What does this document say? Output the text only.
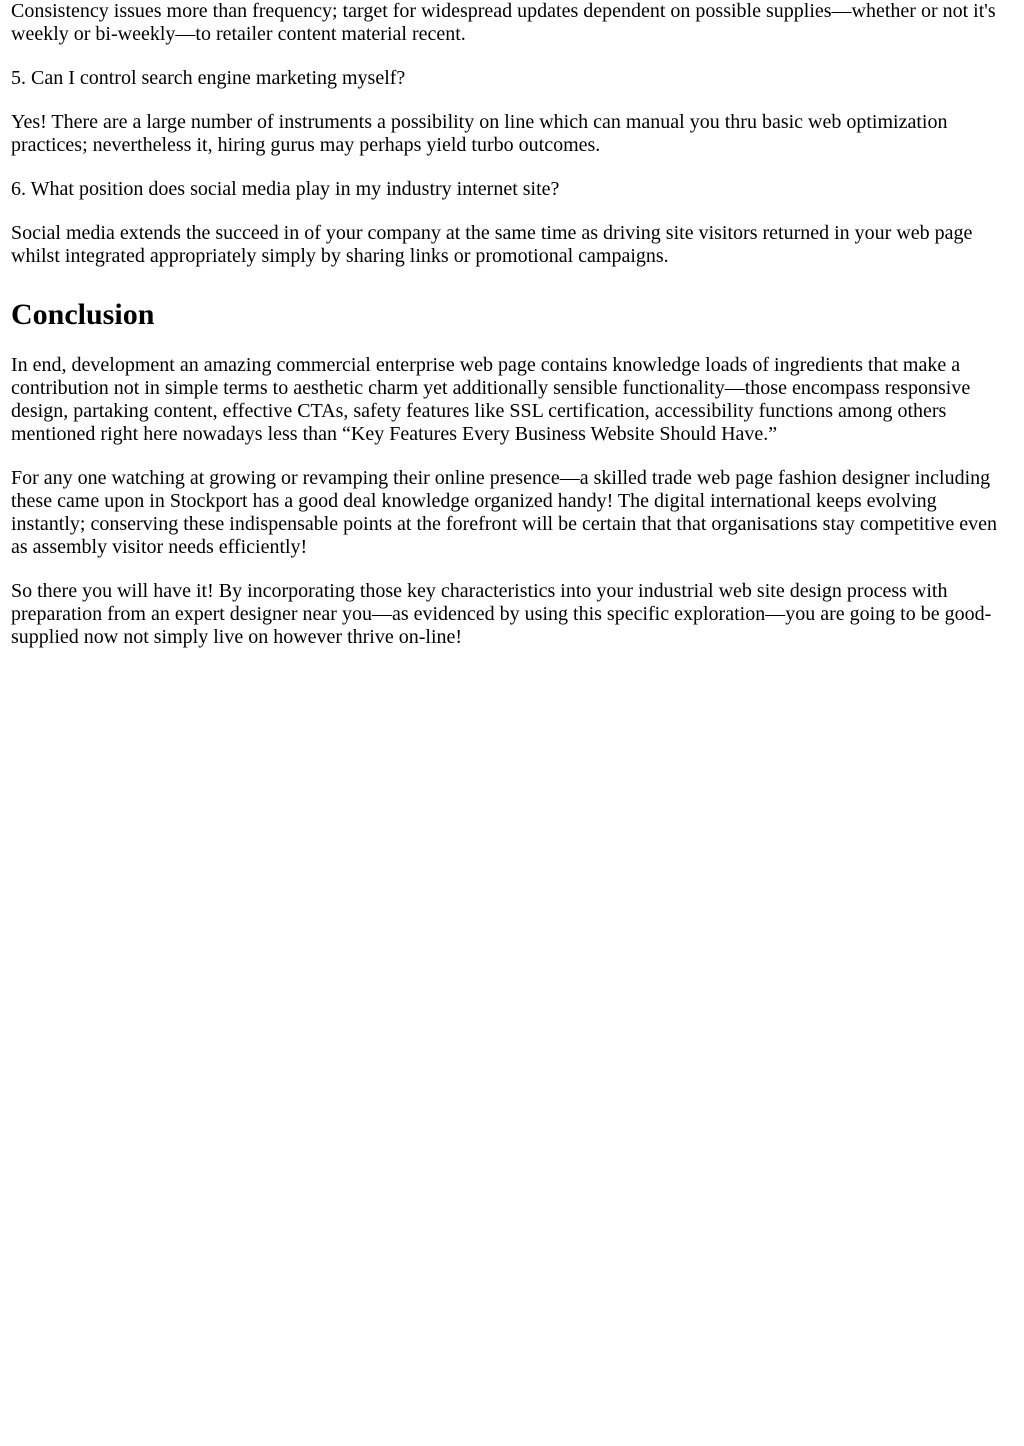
Consistency issues more than frequency; target for widespread updates dependent on possible supplies—whether or not it's weekly or bi-weekly—to retailer content material recent.

5. Can I control search engine marketing myself?

Yes! There are a large number of instruments a possibility on line which can manual you thru basic web optimization practices; nevertheless it, hiring gurus may perhaps yield turbo outcomes.

6. What position does social media play in my industry internet site?

Social media extends the succeed in of your company at the same time as driving site visitors returned in your web page whilst integrated appropriately simply by sharing links or promotional campaigns.

Conclusion

In end, development an amazing commercial enterprise web page contains knowledge loads of ingredients that make a contribution not in simple terms to aesthetic charm yet additionally sensible functionality—those encompass responsive design, partaking content, effective CTAs, safety features like SSL certification, accessibility functions among others mentioned right here nowadays less than “Key Features Every Business Website Should Have.”

For any one watching at growing or revamping their online presence—a skilled trade web page fashion designer including these came upon in Stockport has a good deal knowledge organized handy! The digital international keeps evolving instantly; conserving these indispensable points at the forefront will be certain that that organisations stay competitive even as assembly visitor needs efficiently!

So there you will have it! By incorporating those key characteristics into your industrial web site design process with preparation from an expert designer near you—as evidenced by using this specific exploration—you are going to be good-supplied now not simply live on however thrive on-line!
